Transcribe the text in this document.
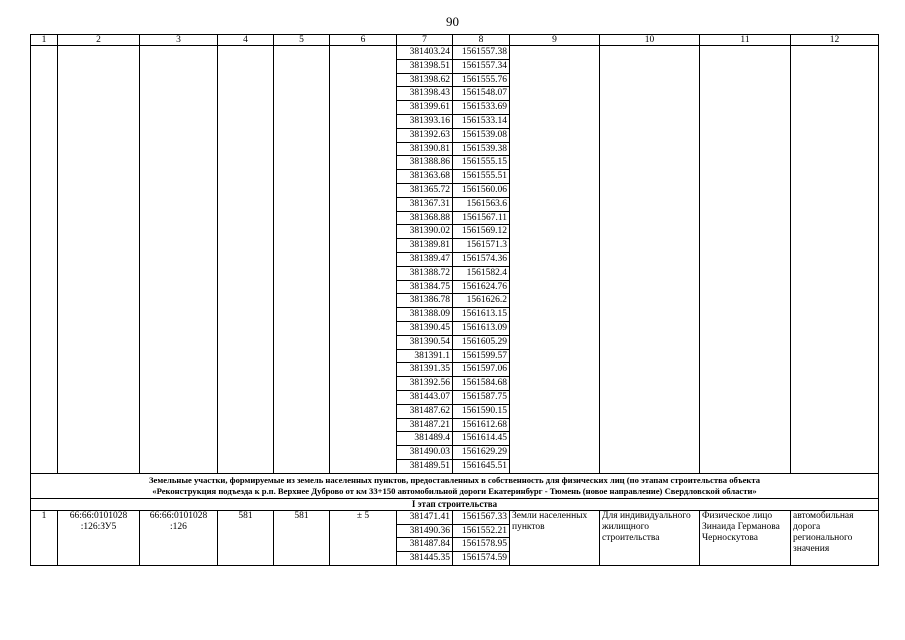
90
1	2	3	4	5	6	7	8	9	10	11	12
						381403.24	1561557.38				
						381398.51	1561557.34				
						381398.62	1561555.76				
						381398.43	1561548.07				
						381399.61	1561533.69				
						381393.16	1561533.14				
						381392.63	1561539.08				
						381390.81	1561539.38				
						381388.86	1561555.15				
						381363.68	1561555.51				
						381365.72	1561560.06				
						381367.31	1561563.6				
						381368.88	1561567.11				
						381390.02	1561569.12				
						381389.81	1561571.3				
						381389.47	1561574.36				
						381388.72	1561582.4				
						381384.75	1561624.76				
						381386.78	1561626.2				
						381388.09	1561613.15				
						381390.45	1561613.09				
						381390.54	1561605.29				
						381391.1	1561599.57				
						381391.35	1561597.06				
						381392.56	1561584.68				
						381443.07	1561587.75				
						381487.62	1561590.15				
						381487.21	1561612.68				
						381489.4	1561614.45				
						381490.03	1561629.29				
						381489.51	1561645.51				

Земельные участки, формируемые из земель населенных пунктов, предоставленных в собственность для физических лиц (по этапам строительства объекта
«Реконструкция подъезда к р.п. Верхнее Дуброво от км 33+150 автомобильной дороги Екатеринбург - Тюмень (новое направление) Свердловской области»											

I этап строительства											
1	66:66:0101028 :126:ЗУ5	66:66:0101028 :126	581	581	± 5	381471.41	1561567.33	Земли населенных пунктов	Для индивидуального жилищного строительства	Физическое лицо Зинаида Германова Черноскутова	автомобильная дорога регионального значения
						381490.36	1561552.21				
						381487.84	1561578.95				
						381445.35	1561574.59				
